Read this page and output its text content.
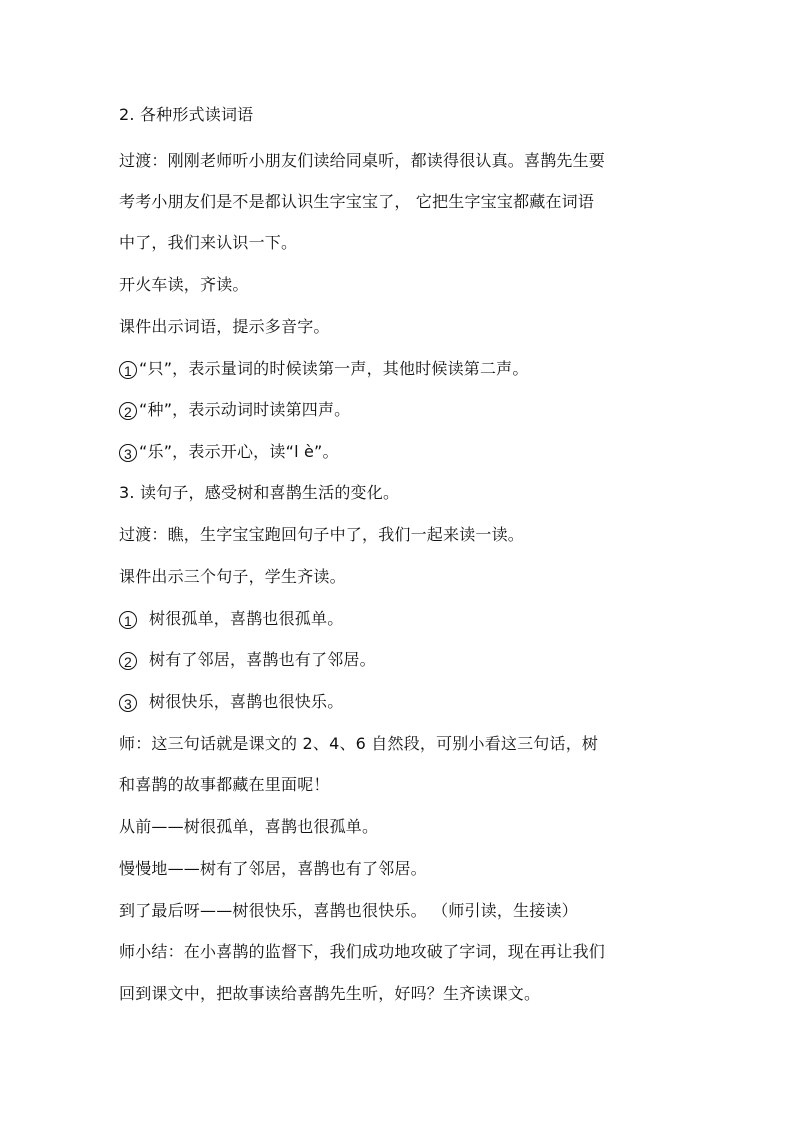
2. 各种形式读词语
过渡：刚刚老师听小朋友们读给同桌听，都读得很认真。喜鹊先生要
考考小朋友们是不是都认识生字宝宝了， 它把生字宝宝都藏在词语
中了，我们来认识一下。
开火车读，齐读。
课件出示词语，提示多音字。
1 “只”，表示量词的时候读第一声，其他时候读第二声。
2 “种”，表示动词时读第四声。
3 “乐”，表示开心，读“l è”。
3. 读句子，感受树和喜鹊生活的变化。
过渡：瞧，生字宝宝跑回句子中了，我们一起来读一读。
课件出示三个句子，学生齐读。
1 树很孤单，喜鹊也很孤单。
2 树有了邻居，喜鹊也有了邻居。
3 树很快乐，喜鹊也很快乐。
师：这三句话就是课文的 2、4、6 自然段，可别小看这三句话，树
和喜鹊的故事都藏在里面呢！
从前——树很孤单，喜鹊也很孤单。
慢慢地——树有了邻居，喜鹊也有了邻居。
到了最后呀——树很快乐，喜鹊也很快乐。 （师引读，生接读）
师小结：在小喜鹊的监督下，我们成功地攻破了字词，现在再让我们
回到课文中，把故事读给喜鹊先生听，好吗？生齐读课文。
